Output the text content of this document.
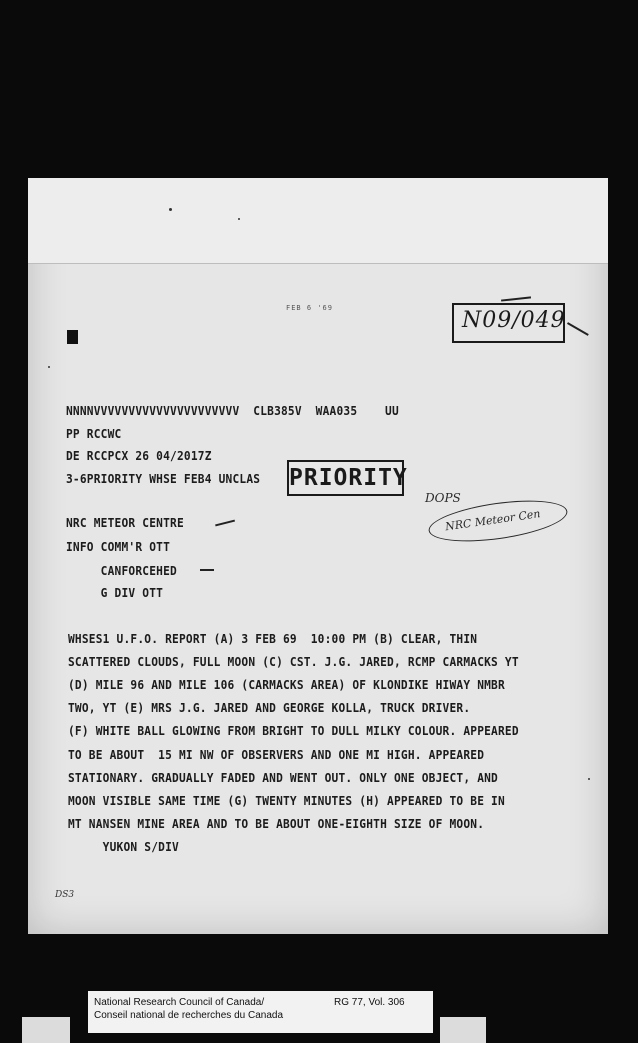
FEB 6 '69	N09/049
NNNNVVVVVVVVVVVVVVVVVVVVV  CLB385V  WAA035    UU
PP RCCWC
DE RCCPCX 26 04/2017Z
3-6PRIORITY WHSE FEB4 UNCLAS PRIORITY
DOPS
NRC Meteor Cen
NRC METEOR CENTRE
INFO COMM'R OTT
CANFORCEHED
G DIV OTT
WHSES1 U.F.O. REPORT (A) 3 FEB 69  10:00 PM (B) CLEAR, THIN
SCATTERED CLOUDS, FULL MOON (C) CST. J.G. JARED, RCMP CARMACKS YT
(D) MILE 96 AND MILE 106 (CARMACKS AREA) OF KLONDIKE HIWAY NMBR
TWO, YT (E) MRS J.G. JARED AND GEORGE KOLLA, TRUCK DRIVER.
(F) WHITE BALL GLOWING FROM BRIGHT TO DULL MILKY COLOUR. APPEARED
TO BE ABOUT  15 MI NW OF OBSERVERS AND ONE MI HIGH. APPEARED
STATIONARY. GRADUALLY FADED AND WENT OUT. ONLY ONE OBJECT, AND
MOON VISIBLE SAME TIME (G) TWENTY MINUTES (H) APPEARED TO BE IN
MT NANSEN MINE AREA AND TO BE ABOUT ONE-EIGHTH SIZE OF MOON.
YUKON S/DIV
DS3
National Research Council of Canada/
Conseil national de recherches du Canada
RG 77, Vol. 306
